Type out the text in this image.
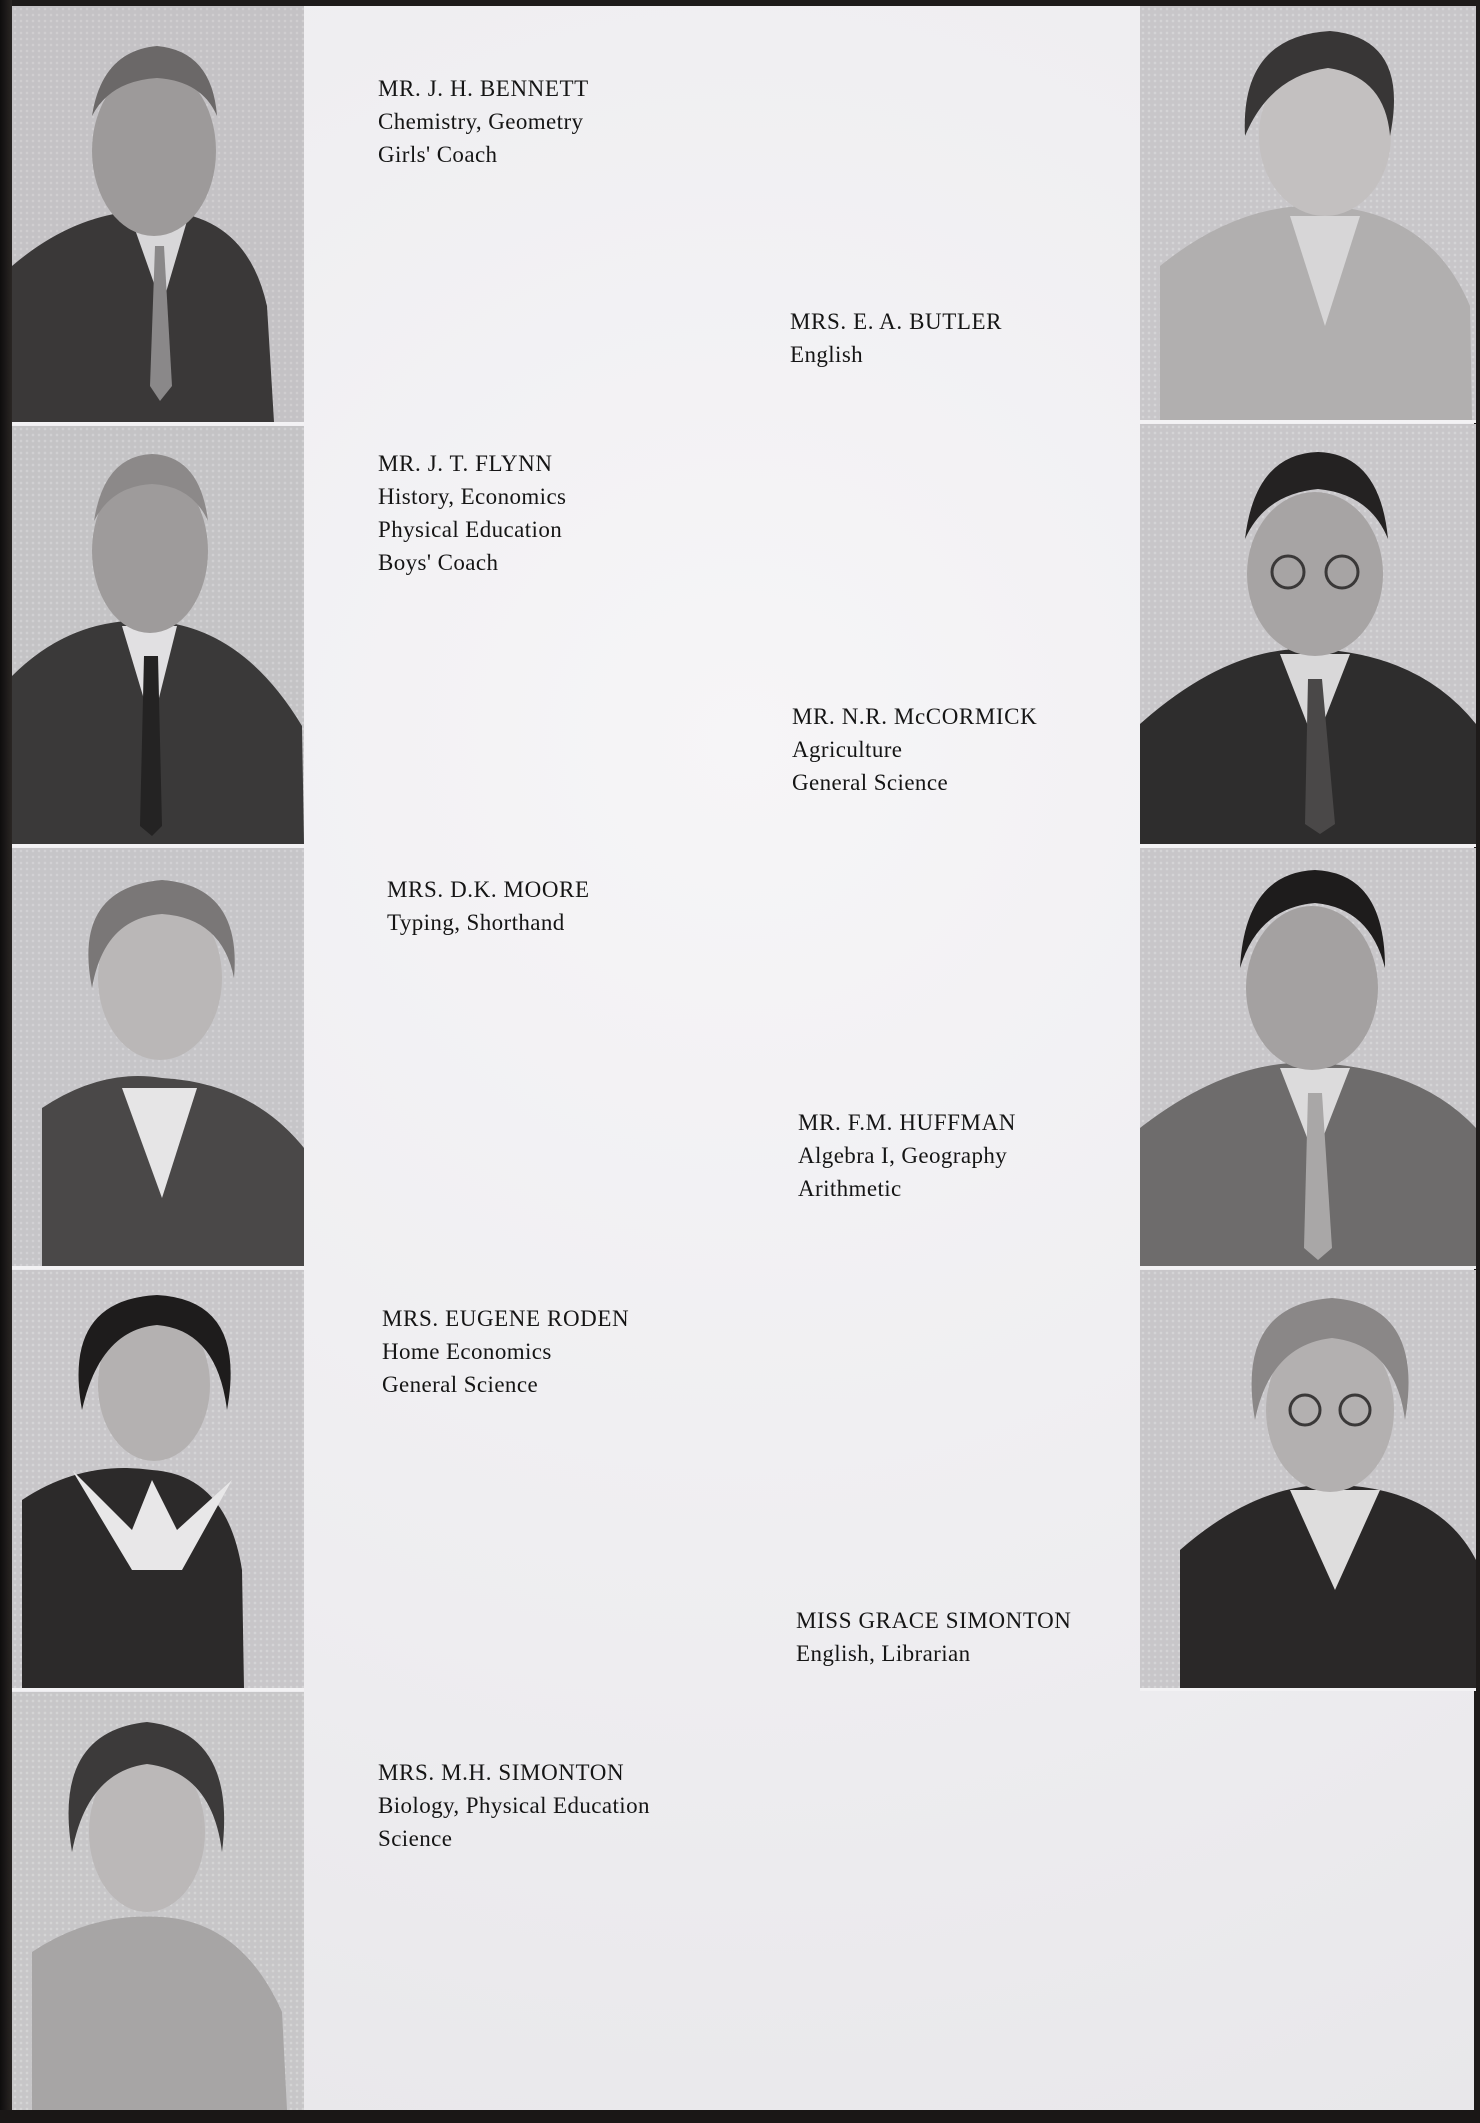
MR. J. H. BENNETT
Chemistry, Geometry
Girls' Coach
MRS. E. A. BUTLER
English
MR. J. T. FLYNN
History, Economics
Physical Education
Boys' Coach
MR. N.R. McCORMICK
Agriculture
General Science
MRS. D.K. MOORE
Typing, Shorthand
MR. F.M. HUFFMAN
Algebra I, Geography
Arithmetic
MRS. EUGENE RODEN
Home Economics
General Science
MISS GRACE SIMONTON
English, Librarian
MRS. M.H. SIMONTON
Biology, Physical Education
Science
